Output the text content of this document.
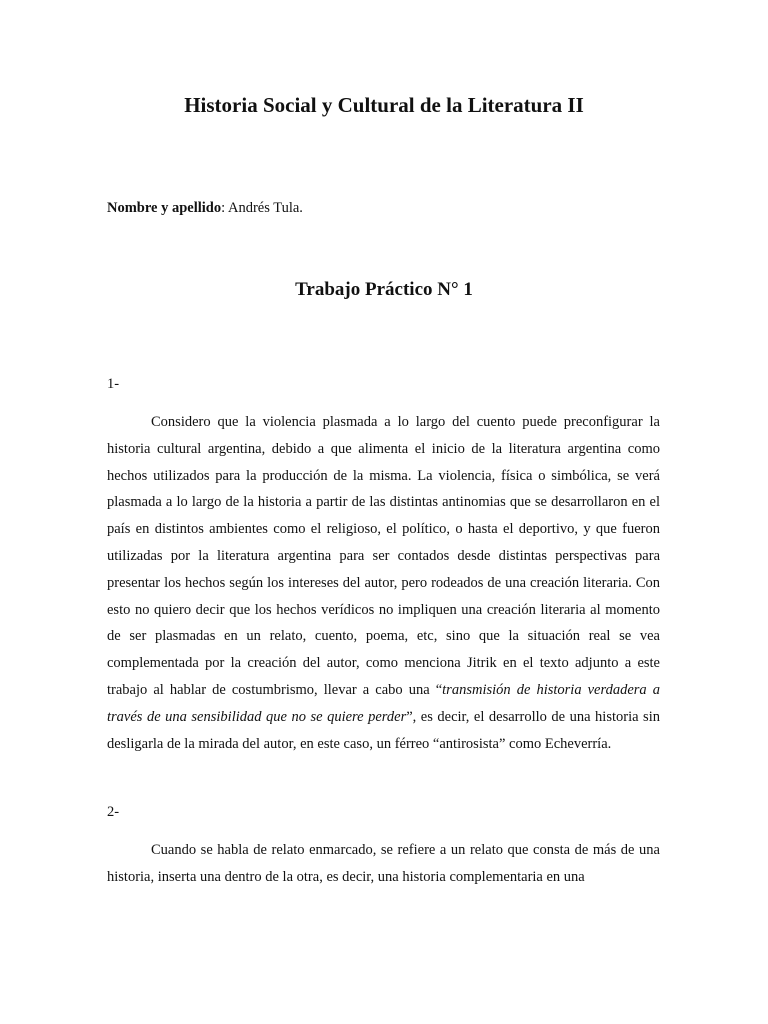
Historia Social y Cultural de la Literatura II

Nombre y apellido: Andrés Tula.

Trabajo Práctico N° 1

1-

Considero que la violencia plasmada a lo largo del cuento puede preconfigurar la historia cultural argentina, debido a que alimenta el inicio de la literatura argentina como hechos utilizados para la producción de la misma. La violencia, física o simbólica, se verá plasmada a lo largo de la historia a partir de las distintas antinomias que se desarrollaron en el país en distintos ambientes como el religioso, el político, o hasta el deportivo, y que fueron utilizadas por la literatura argentina para ser contados desde distintas perspectivas para presentar los hechos según los intereses del autor, pero rodeados de una creación literaria. Con esto no quiero decir que los hechos verídicos no impliquen una creación literaria al momento de ser plasmadas en un relato, cuento, poema, etc, sino que la situación real se vea complementada por la creación del autor, como menciona Jitrik en el texto adjunto a este trabajo al hablar de costumbrismo, llevar a cabo una “transmisión de historia verdadera a través de una sensibilidad que no se quiere perder”, es decir, el desarrollo de una historia sin desligarla de la mirada del autor, en este caso, un férreo “antirosista” como Echeverría.

2-

Cuando se habla de relato enmarcado, se refiere a un relato que consta de más de una historia, inserta una dentro de la otra, es decir, una historia complementaria en una
